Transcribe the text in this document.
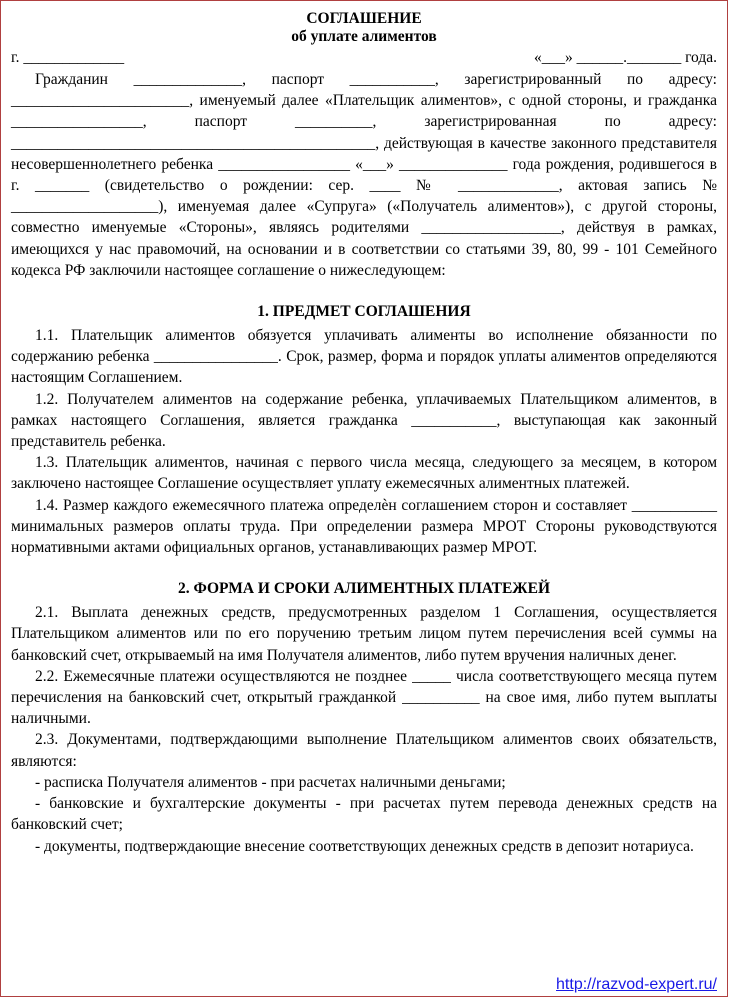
СОГЛАШЕНИЕ
об уплате алиментов
г. _____________	«___» ______._______ года.

Гражданин ______________, паспорт ___________, зарегистрированный по адресу: _______________________, именуемый далее «Плательщик алиментов», с одной стороны, и гражданка _________________, паспорт __________, зарегистрированная по адресу: _______________________________________________, действующая в качестве законного представителя несовершеннолетнего ребенка _________________ «___» ______________ года рождения, родившегося в г. _______ (свидетельство о рождении: сер. ____ № _____________, актовая запись № ___________________), именуемая далее «Супруга» («Получатель алиментов»), с другой стороны, совместно именуемые «Стороны», являясь родителями __________________, действуя в рамках, имеющихся у нас правомочий, на основании и в соответствии со статьями 39, 80, 99 - 101 Семейного кодекса РФ заключили настоящее соглашение о нижеследующем:

1. ПРЕДМЕТ СОГЛАШЕНИЯ

1.1. Плательщик алиментов обязуется уплачивать алименты во исполнение обязанности по содержанию ребенка ________________. Срок, размер, форма и порядок уплаты алиментов определяются настоящим Соглашением.

1.2. Получателем алиментов на содержание ребенка, уплачиваемых Плательщиком алиментов, в рамках настоящего Соглашения, является гражданка ___________, выступающая как законный представитель ребенка.

1.3. Плательщик алиментов, начиная с первого числа месяца, следующего за месяцем, в котором заключено настоящее Соглашение осуществляет уплату ежемесячных алиментных платежей.

1.4. Размер каждого ежемесячного платежа определѐн соглашением сторон и составляет ___________ минимальных размеров оплаты труда. При определении размера МРОТ Стороны руководствуются нормативными актами официальных органов, устанавливающих размер МРОТ.

2. ФОРМА И СРОКИ АЛИМЕНТНЫХ ПЛАТЕЖЕЙ

2.1. Выплата денежных средств, предусмотренных разделом 1 Соглашения, осуществляется Плательщиком алиментов или по его поручению третьим лицом путем перечисления всей суммы на банковский счет, открываемый на имя Получателя алиментов, либо путем вручения наличных денег.

2.2. Ежемесячные платежи осуществляются не позднее _____ числа соответствующего месяца путем перечисления на банковский счет, открытый гражданкой __________ на свое имя, либо путем выплаты наличными.

2.3. Документами, подтверждающими выполнение Плательщиком алиментов своих обязательств, являются:

- расписка Получателя алиментов - при расчетах наличными деньгами;

- банковские и бухгалтерские документы - при расчетах путем перевода денежных средств на банковский счет;

- документы, подтверждающие внесение соответствующих денежных средств в депозит нотариуса.

http://razvod-expert.ru/
